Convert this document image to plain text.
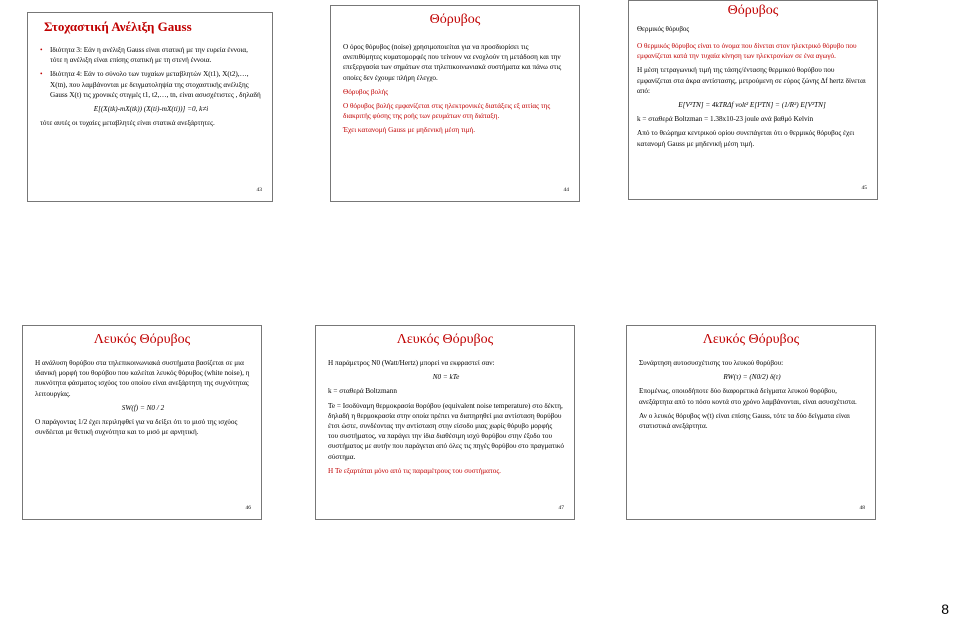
Στοχαστική Ανέλιξη Gauss

• Ιδιότητα 3: Εάν η ανέλιξη Gauss είναι στατική με την ευρεία έννοια, τότε η ανέλιξη είναι επίσης στατική με τη στενή έννοια.

• Ιδιότητα 4: Εάν το σύνολο των τυχαίων μεταβλητών X(t1), X(t2),…, X(tn), που λαμβάνονται με δειγματοληψία της στοχαστικής ανέλιξης Gauss X(t) τις χρονικές στιγμές t1, t2,…, tn, είναι ασυσχέτιστες , δηλαδή

E[(X(tk)-mX(tk)) (X(ti)-mX(ti))] =0, k≠i

τότε αυτές οι τυχαίες μεταβλητές είναι στατικά ανεξάρτητες.

43
Θόρυβος

Ο όρος θόρυβος (noise) χρησιμοποιείται για να προσδιορίσει τις ανεπιθύμητες κυματομορφές που τείνουν να ενοχλούν τη μετάδοση και την επεξεργασία των σημάτων στα τηλεπικοινωνιακά συστήματα και πάνω στις οποίες δεν έχουμε πλήρη έλεγχο.

Θόρυβος βολής

Ο θόρυβος βολής εμφανίζεται στις ηλεκτρονικές διατάξεις εξ αιτίας της διακριτής φύσης της ροής των ρευμάτων στη διάταξη.

Έχει κατανομή Gauss με μηδενική μέση τιμή.

44
Θερμικός θόρυβος
Θόρυβος

Ο θερμικός θόρυβος είναι το όνομα που δίνεται στον ηλεκτρικό θόρυβο που εμφανίζεται κατά την τυχαία κίνηση των ηλεκτρονίων σε ένα αγωγό.

Η μέση τετραγωνική τιμή της τάσης/έντασης θερμικού θορύβου που εμφανίζεται στα άκρα αντίστασης, μετρούμενη σε εύρος ζώνης Δf hertz δίνεται από:

E[V²TN] = 4kTRΔf volt² E[I²TN] = (1/R²) E[V²TN]

k = σταθερά Boltzman = 1.38x10-23 joule ανά βαθμό Kelvin

Από το θεώρημα κεντρικού ορίου συνεπάγεται ότι ο θερμικός θόρυβος έχει κατανομή Gauss με μηδενική μέση τιμή.

45
Λευκός Θόρυβος

Η ανάλυση θορύβου στα τηλεπικοινωνιακά συστήματα βασίζεται σε μια ιδανική μορφή του θορύβου που καλείται λευκός θόρυβος (white noise), η πυκνότητα φάσματος ισχύος του οποίου είναι ανεξάρτητη της συχνότητας λειτουργίας.

SW(f) = N0 / 2

Ο παράγοντας 1/2 έχει περιληφθεί για να δείξει ότι το μισό της ισχύος συνδέεται με θετική συχνότητα και το μισό με αρνητική.

46
Λευκός Θόρυβος

Η παράμετρος N0 (Watt/Hertz) μπορεί να εκφραστεί σαν:

N0 = kTe

k = σταθερά Boltzmann

Te = Ισοδύναμη θερμοκρασία θορύβου (equivalent noise temperature) στο δέκτη, δηλαδή η θερμοκρασία στην οποία πρέπει να διατηρηθεί μια αντίσταση θορύβου έτσι ώστε, συνδέοντας την αντίσταση στην είσοδο μιας χωρίς θόρυβο μορφής του συστήματος, να παράγει την ίδια διαθέσιμη ισχύ θορύβου στην έξοδο του συστήματος με αυτήν που παράγεται από όλες τις πηγές θορύβου στο πραγματικό σύστημα.

Η Te εξαρτάται μόνο από τις παραμέτρους του συστήματος.

47
Λευκός Θόρυβος

Συνάρτηση αυτοσυσχέτισης του λευκού θορύβου:

RW(τ) = (N0/2) δ(τ)

Επομένως, οποιοδήποτε δύο διαφορετικά δείγματα λευκού θορύβου, ανεξάρτητα από το πόσο κοντά στο χρόνο λαμβάνονται, είναι ασυσχέτιστα.

Αν ο λευκός θόρυβος w(t) είναι επίσης Gauss, τότε τα δύο δείγματα είναι στατιστικά ανεξάρτητα.

48
8
